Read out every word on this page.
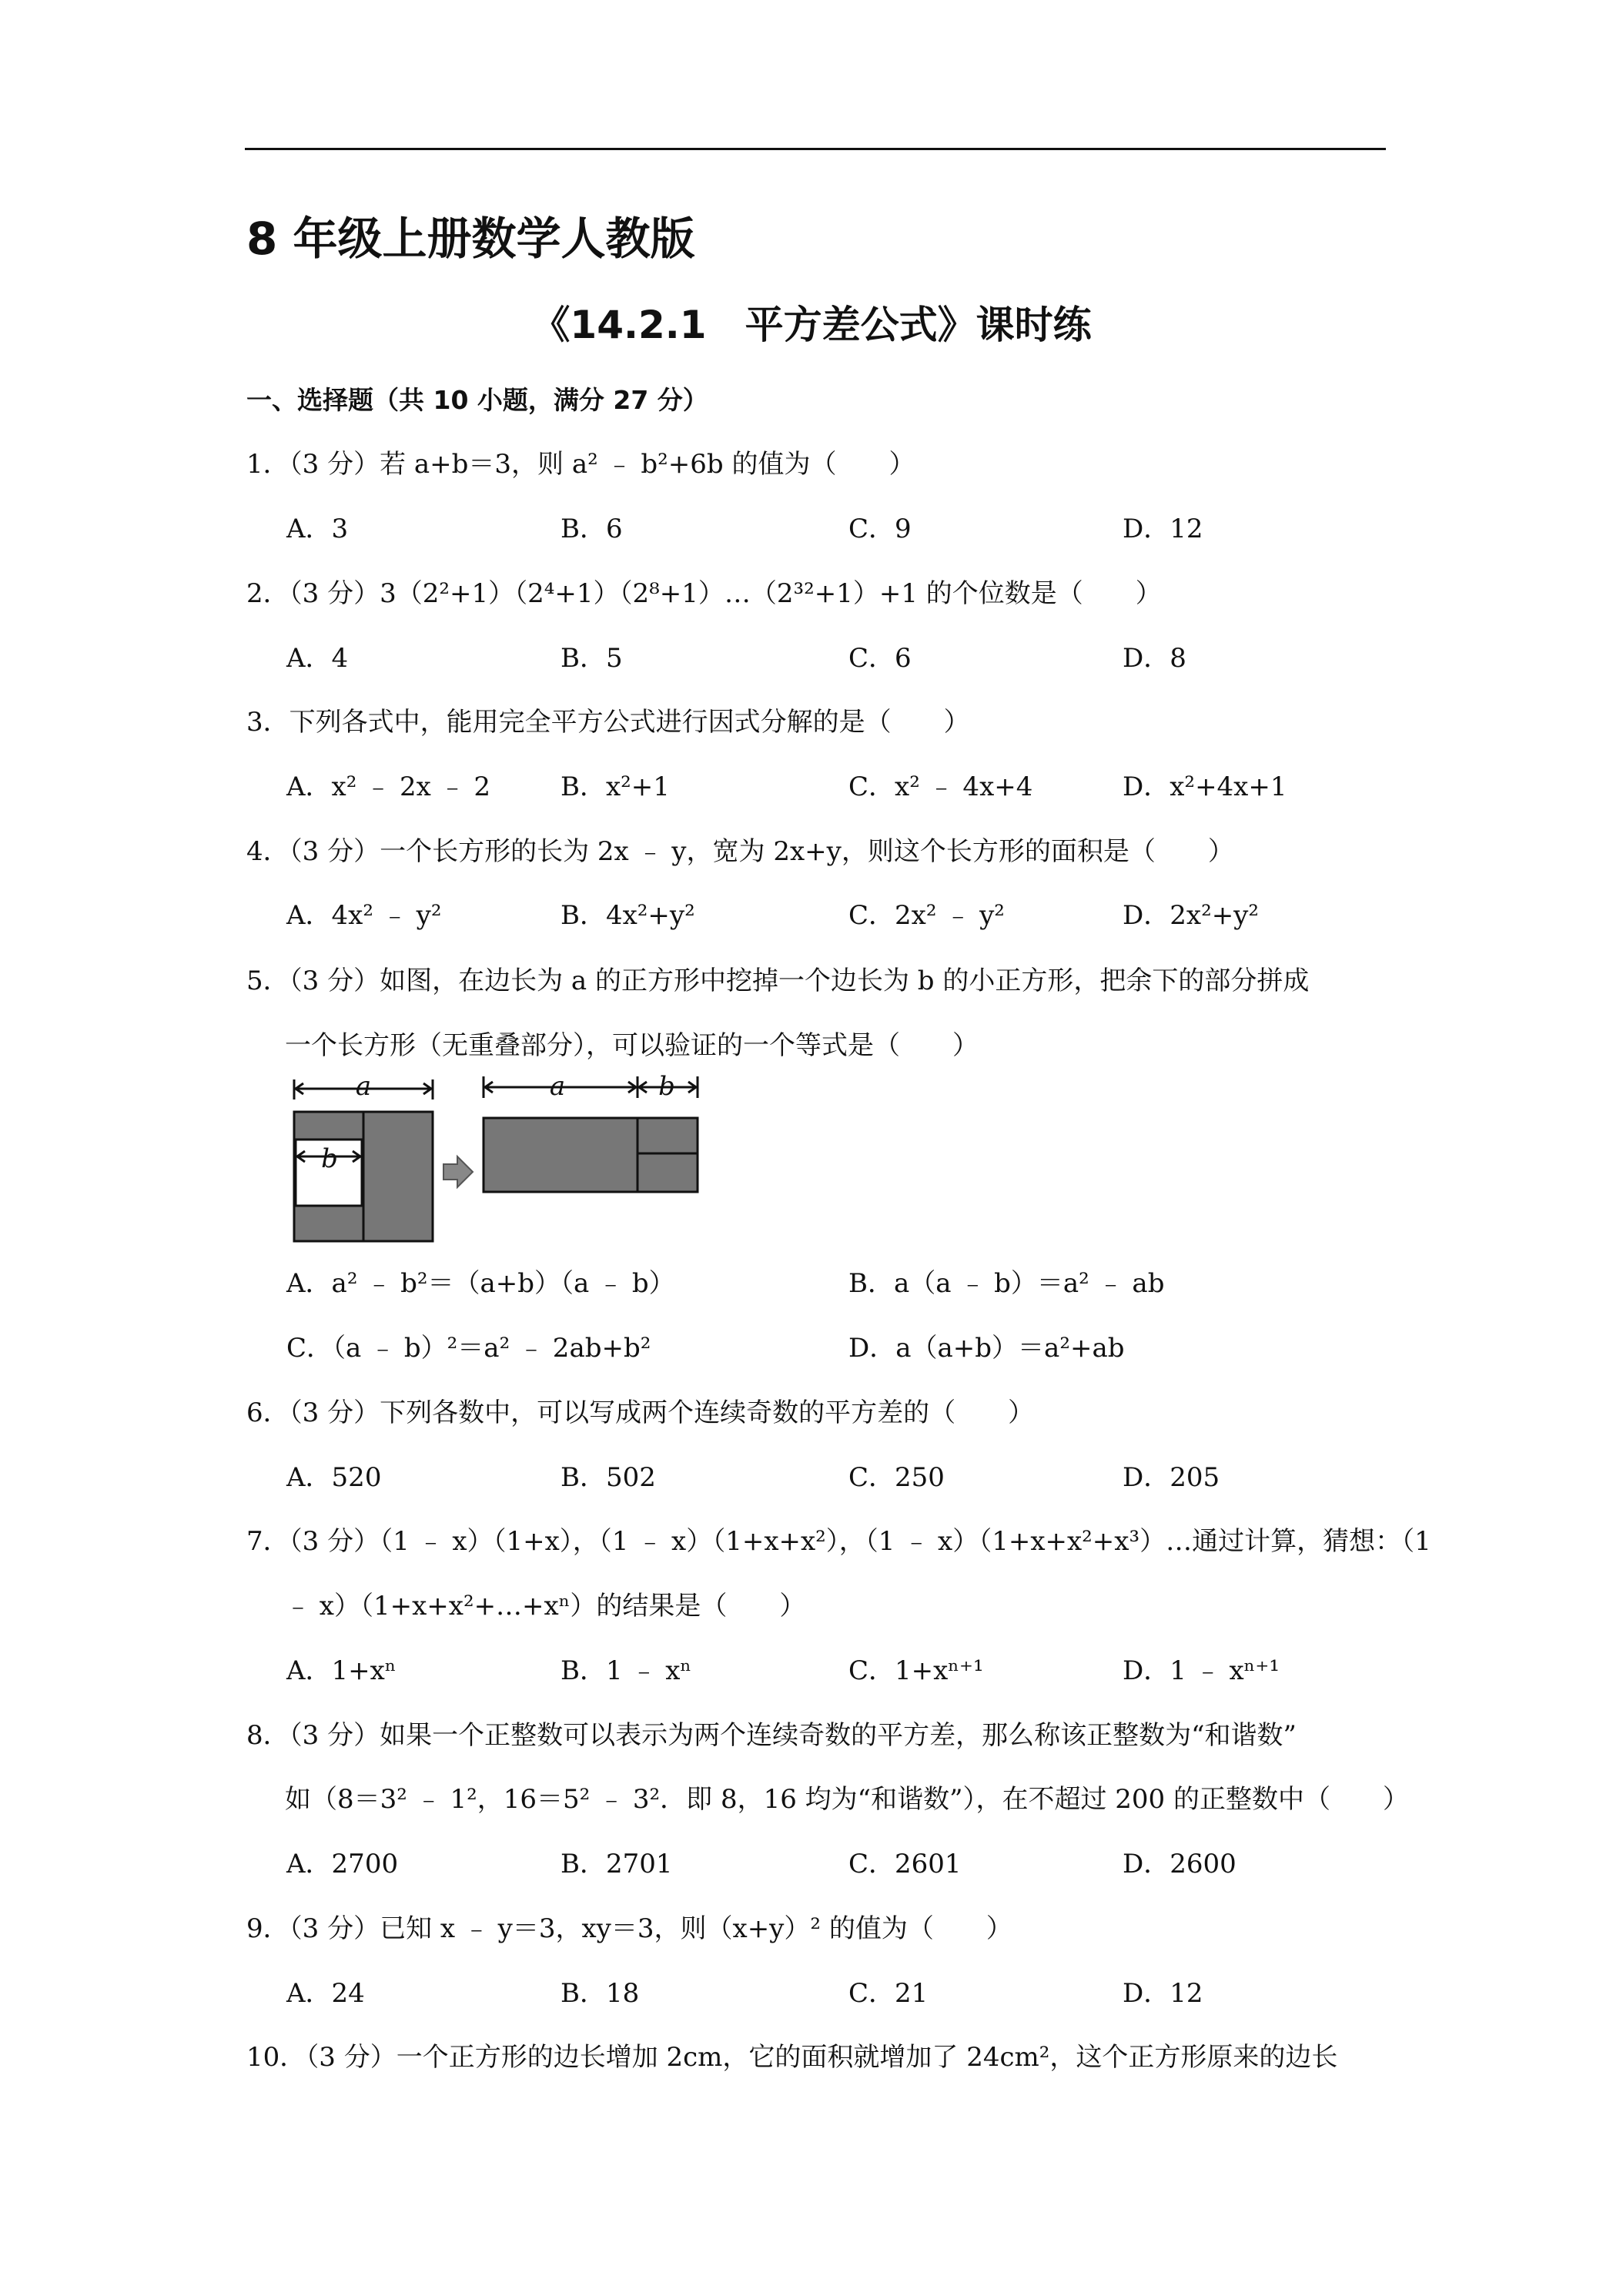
8 年级上册数学人教版
《14.2.1　平方差公式》课时练
一、选择题（共 10 小题，满分 27 分）
1．（3 分）若 a+b＝3，则 a² ﹣ b²+6b 的值为（　　）
A．3	B．6	C．9	D．12
2．（3 分）3（2²+1）（2⁴+1）（2⁸+1）…（2³²+1）+1 的个位数是（　　）
A．4	B．5	C．6	D．8
3．下列各式中，能用完全平方公式进行因式分解的是（　　）
A．x² ﹣ 2x ﹣ 2	B．x²+1	C．x² ﹣ 4x+4	D．x²+4x+1
4．（3 分）一个长方形的长为 2x ﹣ y，宽为 2x+y，则这个长方形的面积是（　　）
A．4x² ﹣ y²	B．4x²+y²	C．2x² ﹣ y²	D．2x²+y²
5．（3 分）如图，在边长为 a 的正方形中挖掉一个边长为 b 的小正方形，把余下的部分拼成
一个长方形（无重叠部分），可以验证的一个等式是（　　）
a
b
a	b
A．a² ﹣ b²＝（a+b）（a ﹣ b）	B．a（a ﹣ b）＝a² ﹣ ab
C．（a ﹣ b）²＝a² ﹣ 2ab+b²	D．a（a+b）＝a²+ab
6．（3 分）下列各数中，可以写成两个连续奇数的平方差的（　　）
A．520	B．502	C．250	D．205
7．（3 分）（1 ﹣ x）（1+x），（1 ﹣ x）（1+x+x²），（1 ﹣ x）（1+x+x²+x³）…通过计算，猜想：（1
﹣ x）（1+x+x²+…+xⁿ）的结果是（　　）
A．1+xⁿ	B．1 ﹣ xⁿ	C．1+xⁿ⁺¹	D．1 ﹣ xⁿ⁺¹
8．（3 分）如果一个正整数可以表示为两个连续奇数的平方差，那么称该正整数为“和谐数”
如（8＝3² ﹣ 1²，16＝5² ﹣ 3²．即 8，16 均为“和谐数”），在不超过 200 的正整数中（　　）
A．2700	B．2701	C．2601	D．2600
9．（3 分）已知 x ﹣ y＝3，xy＝3，则（x+y）² 的值为（　　）
A．24	B．18	C．21	D．12
10．（3 分）一个正方形的边长增加 2cm，它的面积就增加了 24cm²，这个正方形原来的边长
